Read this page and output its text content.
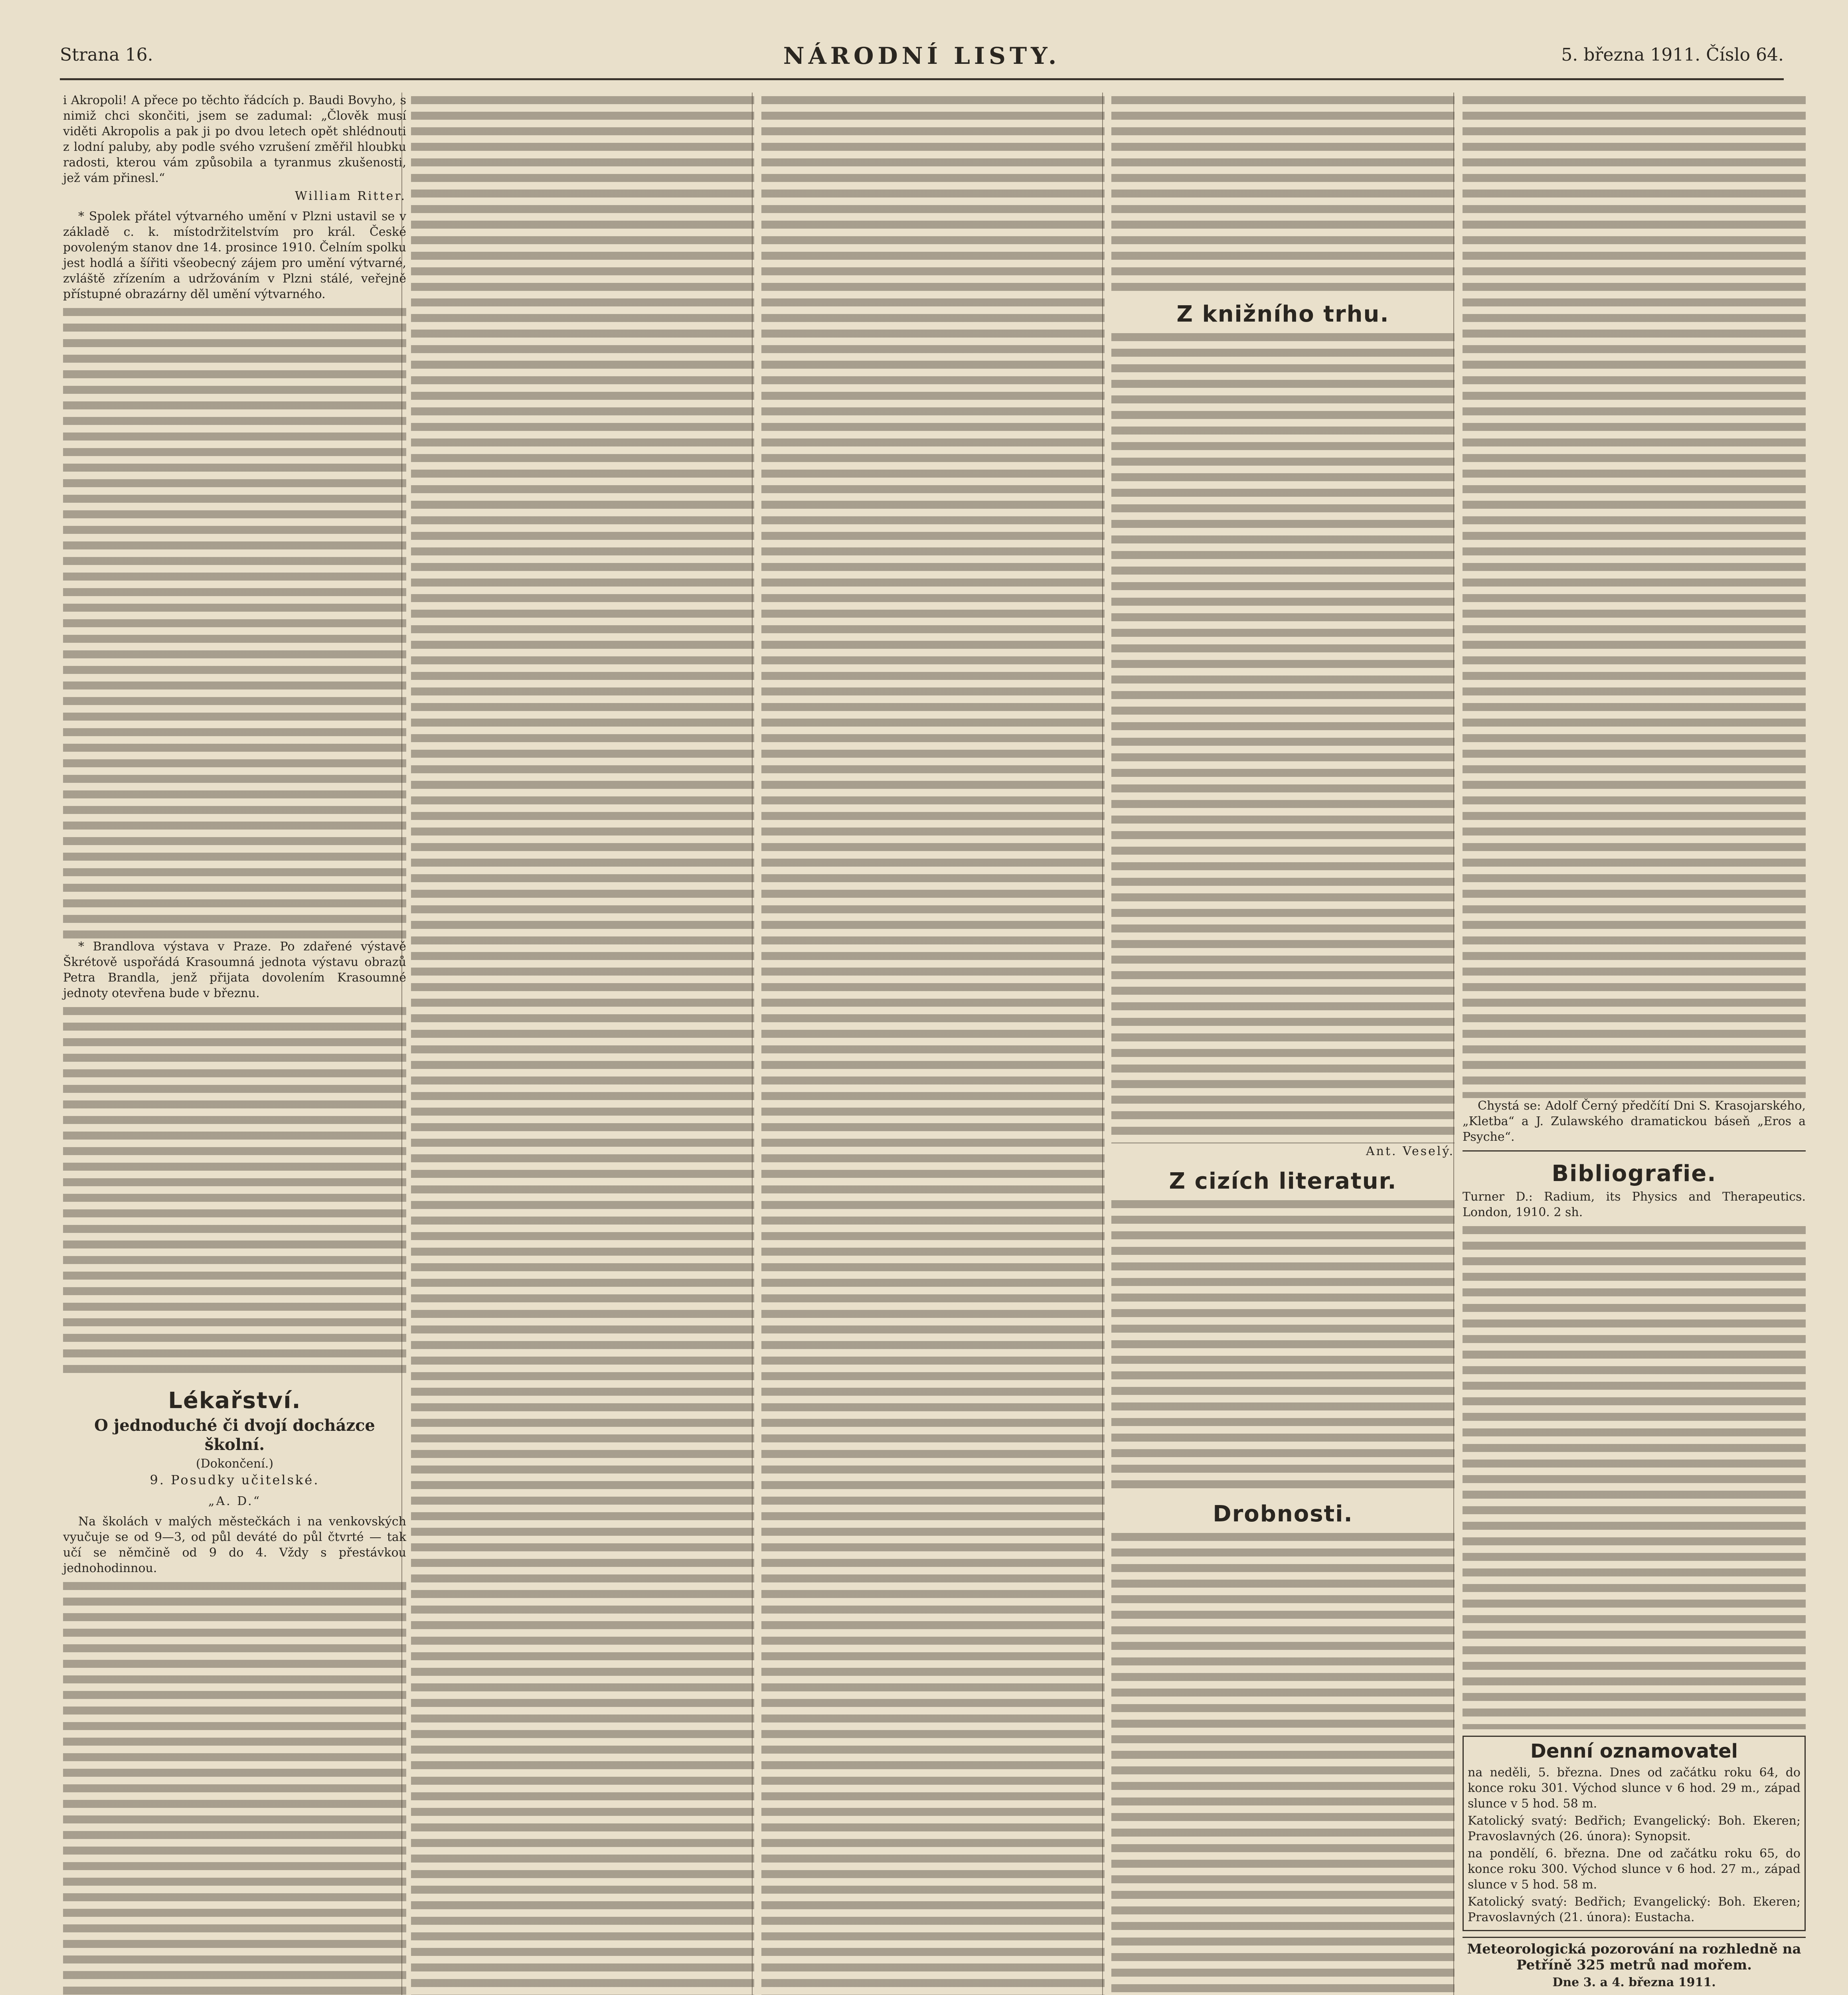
Strana 16.	NÁRODNÍ LISTY.	5. března 1911. Číslo 64.

i Akropoli! A přece po těchto řádcích p. Baudi Bovyho, s nimiž chci skončiti, jsem se zadumal: „Člověk musí viděti Akropolis a pak ji po dvou letech opět shlédnouti z lodní paluby, aby podle svého vzrušení změřil hloubku radosti, kterou vám způsobila a tyranmus zkušenosti, jež vám přinesl.“

William Ritter.

* Spolek přátel výtvarného umění v Plzni ustavil se v základě c. k. místodržitelstvím pro král. České povoleným stanov dne 14. prosince 1910. Čelním spolku jest hodlá a šířiti všeobecný zájem pro umění výtvarné, zvláště zřízením a udržováním v Plzni stálé, veřejně přístupné obrazárny děl umění výtvarného.

* Brandlova výstava v Praze. Po zdařené výstavě Škrétově uspořádá Krasoumná jednota výstavu obrazů Petra Brandla, jenž přijata dovolením Krasoumné jednoty otevřena bude v březnu.

Lékařství.
O jednoduché či dvojí docházce školní.
(Dokončení.)
9. Posudky učitelské.
„A. D.“

Na školách v malých městečkách i na venkovských vyučuje se od 9—3, od půl deváté do půl čtvrté — tak učí se němčině od 9 do 4. Vždy s přestávkou jednohodinnou.

Z knižního trhu.
Ant. Veselý.
Z cizích literatur.
Drobnosti.

Chystá se: Adolf Černý předčítí Dni S. Krasojarského, „Kletba“ a J. Zulawského dramatickou báseň „Eros a Psyche“.

Bibliografie.

Turner D.: Radium, its Physics and Therapeutics. London, 1910. 2 sh.

Denní oznamovatel

na neděli, 5. března. Dnes od začátku roku 64, do konce roku 301. Východ slunce v 6 hod. 29 m., západ slunce v 5 hod. 58 m.

Katolický svatý: Bedřich; Evangelický: Boh. Ekeren; Pravoslavných (26. února): Synopsit.

na pondělí, 6. března. Dne od začátku roku 65, do konce roku 300. Východ slunce v 6 hod. 27 m., západ slunce v 5 hod. 58 m.

Katolický svatý: Bedřich; Evangelický: Boh. Ekeren; Pravoslavných (21. února): Eustacha.

Meteorologická pozorování na rozhledně na Petříně 325 metrů nad mořem.
Dne 3. a 4. března 1911.
